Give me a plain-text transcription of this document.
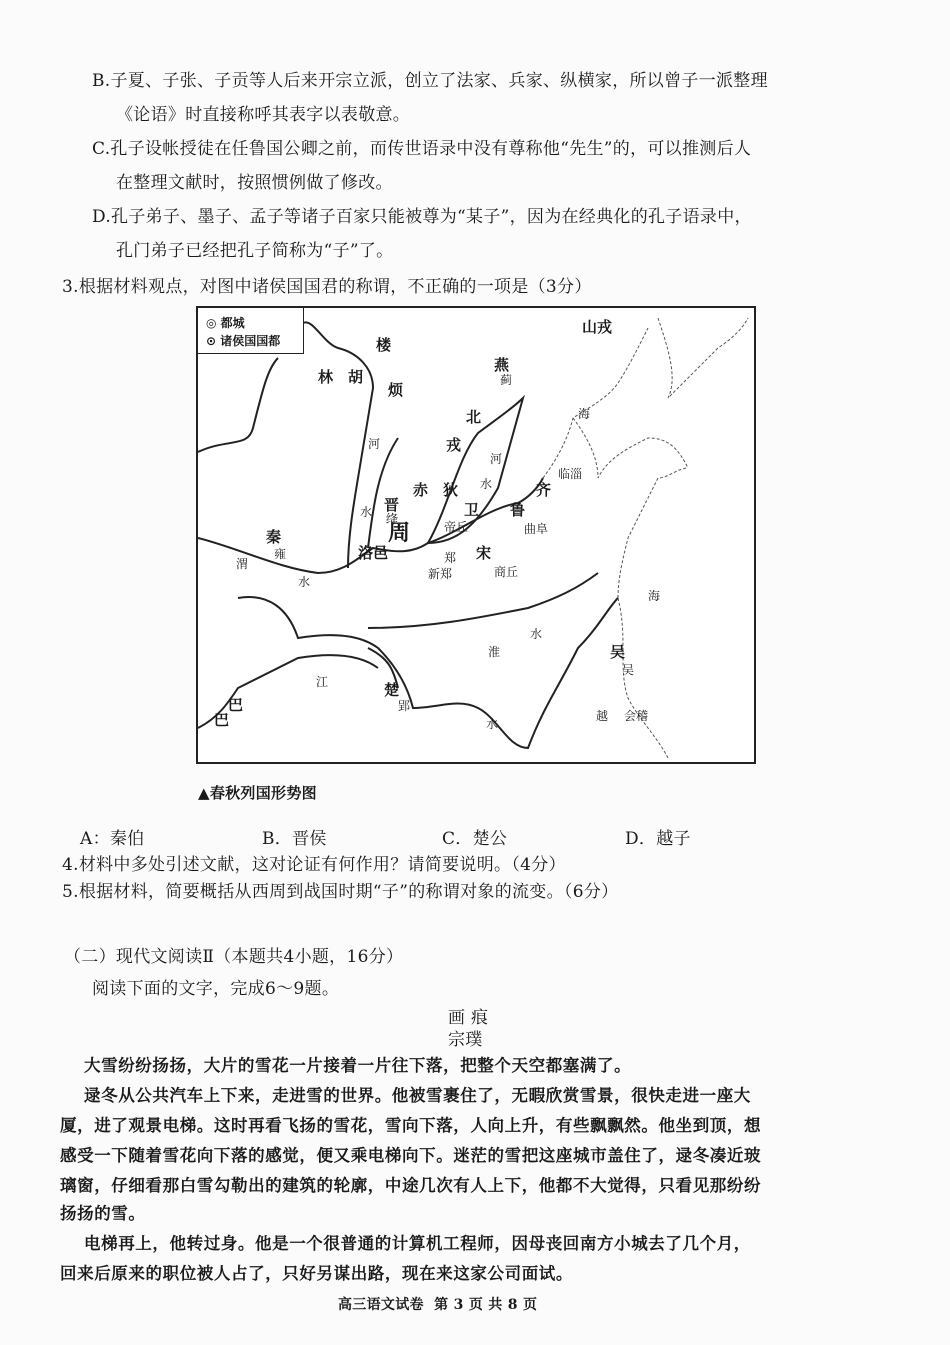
B.子夏、子张、子贡等人后来开宗立派，创立了法家、兵家、纵横家，所以曾子一派整理
《论语》时直接称呼其表字以表敬意。
C.孔子设帐授徒在任鲁国公卿之前，而传世语录中没有尊称他“先生”的，可以推测后人
在整理文献时，按照惯例做了修改。
D.孔子弟子、墨子、孟子等诸子百家只能被尊为“某子”，因为在经典化的孔子语录中，
孔门弟子已经把孔子简称为“子”了。
3.根据材料观点，对图中诸侯国国君的称谓，不正确的一项是（3分）
◎ 都城
⊙ 诸侯国国都
山戎
楼
林 胡
烦
燕
蓟
北
戎
海
赤 狄
临淄
齐
晋
绛	卫
帝丘
鲁
曲阜
秦
雍
周
洛邑	郑
新郑
宋
商丘
海
吴
吴
越 会稽
楚
郢
巴
巴
河
水
渭
水
河
水
淮
水
江
水
▲春秋列国形势图
A：秦伯	B．晋侯	C．楚公	D．越子
4.材料中多处引述文献，这对论证有何作用？请简要说明。（4分）
5.根据材料，简要概括从西周到战国时期“子”的称谓对象的流变。（6分）
（二）现代文阅读Ⅱ（本题共4小题，16分）
阅读下面的文字，完成6～9题。
画 痕
宗璞
大雪纷纷扬扬，大片的雪花一片接着一片往下落，把整个天空都塞满了。
逯冬从公共汽车上下来，走进雪的世界。他被雪裹住了，无暇欣赏雪景，很快走进一座大
厦，进了观景电梯。这时再看飞扬的雪花，雪向下落，人向上升，有些飘飘然。他坐到顶，想
感受一下随着雪花向下落的感觉，便又乘电梯向下。迷茫的雪把这座城市盖住了，逯冬凑近玻
璃窗，仔细看那白雪勾勒出的建筑的轮廓，中途几次有人上下，他都不大觉得，只看见那纷纷
扬扬的雪。
电梯再上，他转过身。他是一个很普通的计算机工程师，因母丧回南方小城去了几个月，
回来后原来的职位被人占了，只好另谋出路，现在来这家公司面试。
高三语文试卷  第 3 页 共 8 页
